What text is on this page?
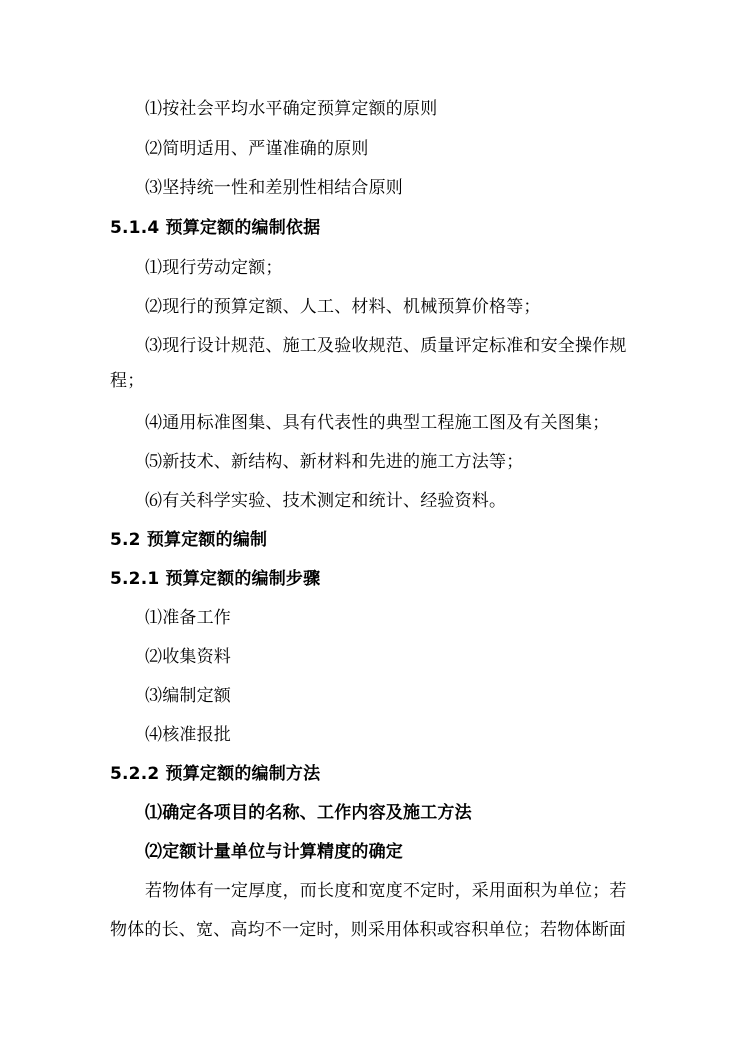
⑴按社会平均水平确定预算定额的原则
⑵简明适用、严谨准确的原则
⑶坚持统一性和差别性相结合原则
5.1.4 预算定额的编制依据
⑴现行劳动定额；
⑵现行的预算定额、人工、材料、机械预算价格等；
⑶现行设计规范、施工及验收规范、质量评定标准和安全操作规
程；
⑷通用标准图集、具有代表性的典型工程施工图及有关图集；
⑸新技术、新结构、新材料和先进的施工方法等；
⑹有关科学实验、技术测定和统计、经验资料。
5.2 预算定额的编制
5.2.1 预算定额的编制步骤
⑴准备工作
⑵收集资料
⑶编制定额
⑷核准报批
5.2.2 预算定额的编制方法
⑴确定各项目的名称、工作内容及施工方法
⑵定额计量单位与计算精度的确定
若物体有一定厚度，而长度和宽度不定时，采用面积为单位；若
物体的长、宽、高均不一定时，则采用体积或容积单位；若物体断面
